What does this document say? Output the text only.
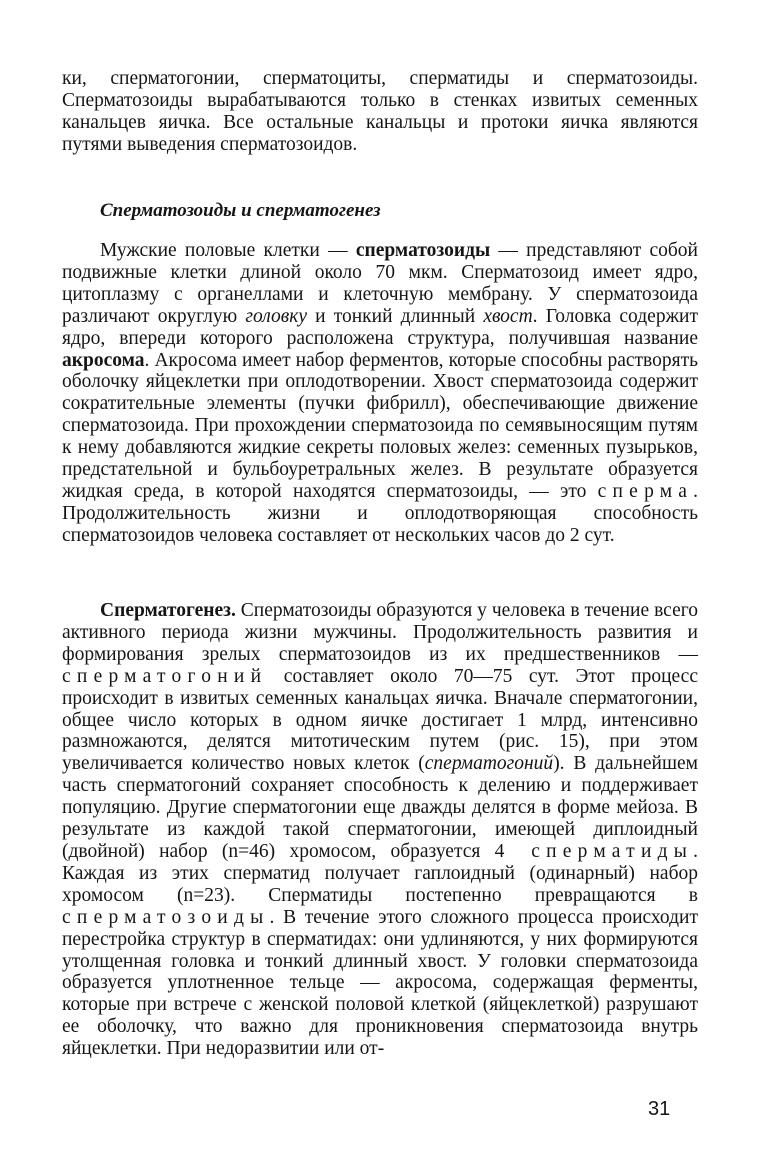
ки, сперматогонии, сперматоциты, сперматиды и сперматозоиды. Сперматозоиды вырабатываются только в стенках извитых семенных канальцев яичка. Все остальные канальцы и протоки яичка являются путями выведения сперматозоидов.

Сперматозоиды и сперматогенез

Мужские половые клетки — сперматозоиды — представляют собой подвижные клетки длиной около 70 мкм. Сперматозоид имеет ядро, цитоплазму с органеллами и клеточную мембрану. У сперматозоида различают округлую головку и тонкий длинный хвост. Головка содержит ядро, впереди которого расположена структура, получившая название акросома. Акросома имеет набор ферментов, которые способны растворять оболочку яйцеклетки при оплодотворении. Хвост сперматозоида содержит сократительные элементы (пучки фибрилл), обеспечивающие движение сперматозоида. При прохождении сперматозоида по семявыносящим путям к нему добавляются жидкие секреты половых желез: семенных пузырьков, предстательной и бульбоуретральных желез. В результате образуется жидкая среда, в которой находятся сперматозоиды, — это сперма. Продолжительность жизни и оплодотворяющая способность сперматозоидов человека составляет от нескольких часов до 2 сут.

Сперматогенез. Сперматозоиды образуются у человека в течение всего активного периода жизни мужчины. Продолжительность развития и формирования зрелых сперматозоидов из их предшественников — сперматогоний составляет около 70—75 сут. Этот процесс происходит в извитых семенных канальцах яичка. Вначале сперматогонии, общее число которых в одном яичке достигает 1 млрд, интенсивно размножаются, делятся митотическим путем (рис. 15), при этом увеличивается количество новых клеток (сперматогоний). В дальнейшем часть сперматогоний сохраняет способность к делению и поддерживает популяцию. Другие сперматогонии еще дважды делятся в форме мейоза. В результате из каждой такой сперматогонии, имеющей диплоидный (двойной) набор (n=46) хромосом, образуется 4 сперматиды. Каждая из этих сперматид получает гаплоидный (одинарный) набор хромосом (n=23). Сперматиды постепенно превращаются в сперматозоиды. В течение этого сложного процесса происходит перестройка структур в сперматидах: они удлиняются, у них формируются утолщенная головка и тонкий длинный хвост. У головки сперматозоида образуется уплотненное тельце — акросома, содержащая ферменты, которые при встрече с женской половой клеткой (яйцеклеткой) разрушают ее оболочку, что важно для проникновения сперматозоида внутрь яйцеклетки. При недоразвитии или от-

31
